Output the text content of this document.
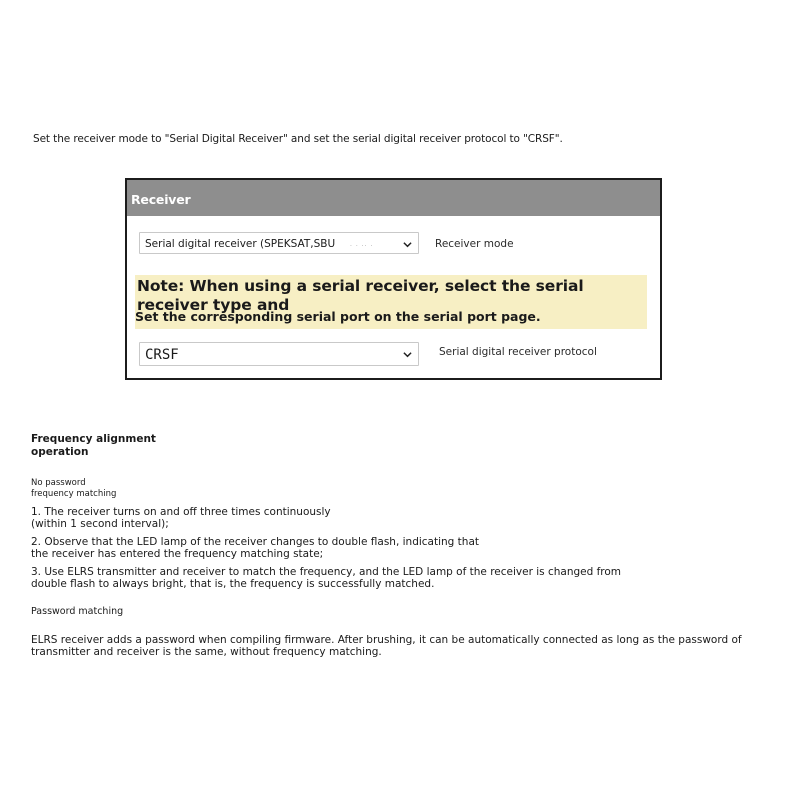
Set the receiver mode to "Serial Digital Receiver" and set the serial digital receiver protocol to "CRSF".
Receiver
Serial digital receiver (SPEKSAT,SBU · · ·· ·	Receiver mode
Note: When using a serial receiver, select the serial receiver type and
Set the corresponding serial port on the serial port page.
CRSF	Serial digital receiver protocol
Frequency alignment
operation
No password
frequency matching
1. The receiver turns on and off three times continuously
(within 1 second interval);
2. Observe that the LED lamp of the receiver changes to double flash, indicating that
the receiver has entered the frequency matching state;
3. Use ELRS transmitter and receiver to match the frequency, and the LED lamp of the receiver is changed from
double flash to always bright, that is, the frequency is successfully matched.
Password matching
ELRS receiver adds a password when compiling firmware. After brushing, it can be automatically connected as long as the password of
transmitter and receiver is the same, without frequency matching.
